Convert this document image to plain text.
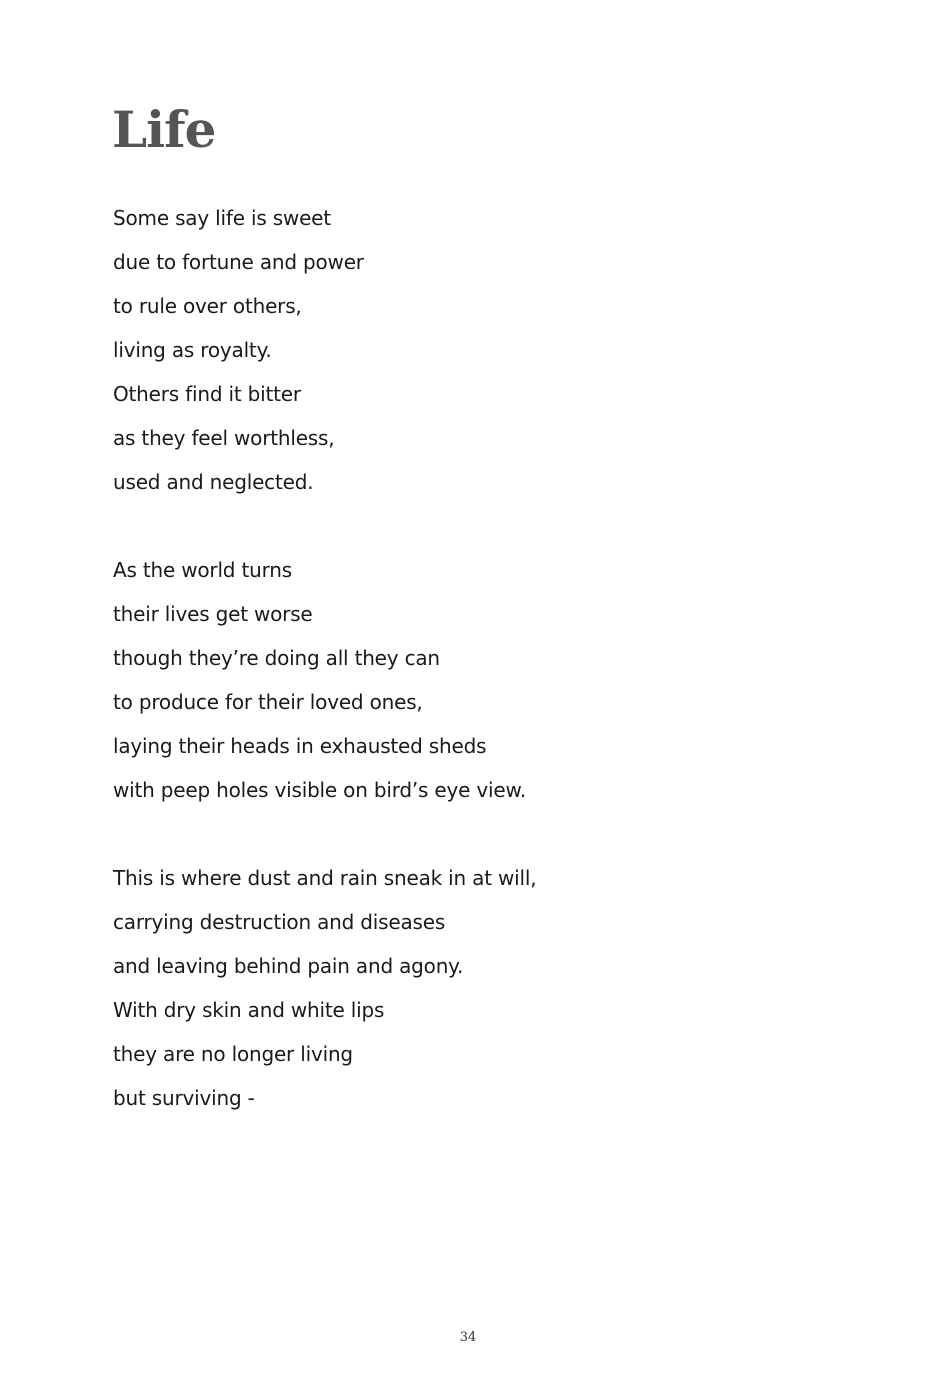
Life
Some say life is sweet
due to fortune and power
to rule over others,
living as royalty.
Others find it bitter
as they feel worthless,
used and neglected.
As the world turns
their lives get worse
though they’re doing all they can
to produce for their loved ones,
laying their heads in exhausted sheds
with peep holes visible on bird’s eye view.
This is where dust and rain sneak in at will,
carrying destruction and diseases
and leaving behind pain and agony.
With dry skin and white lips
they are no longer living
but surviving -
34
